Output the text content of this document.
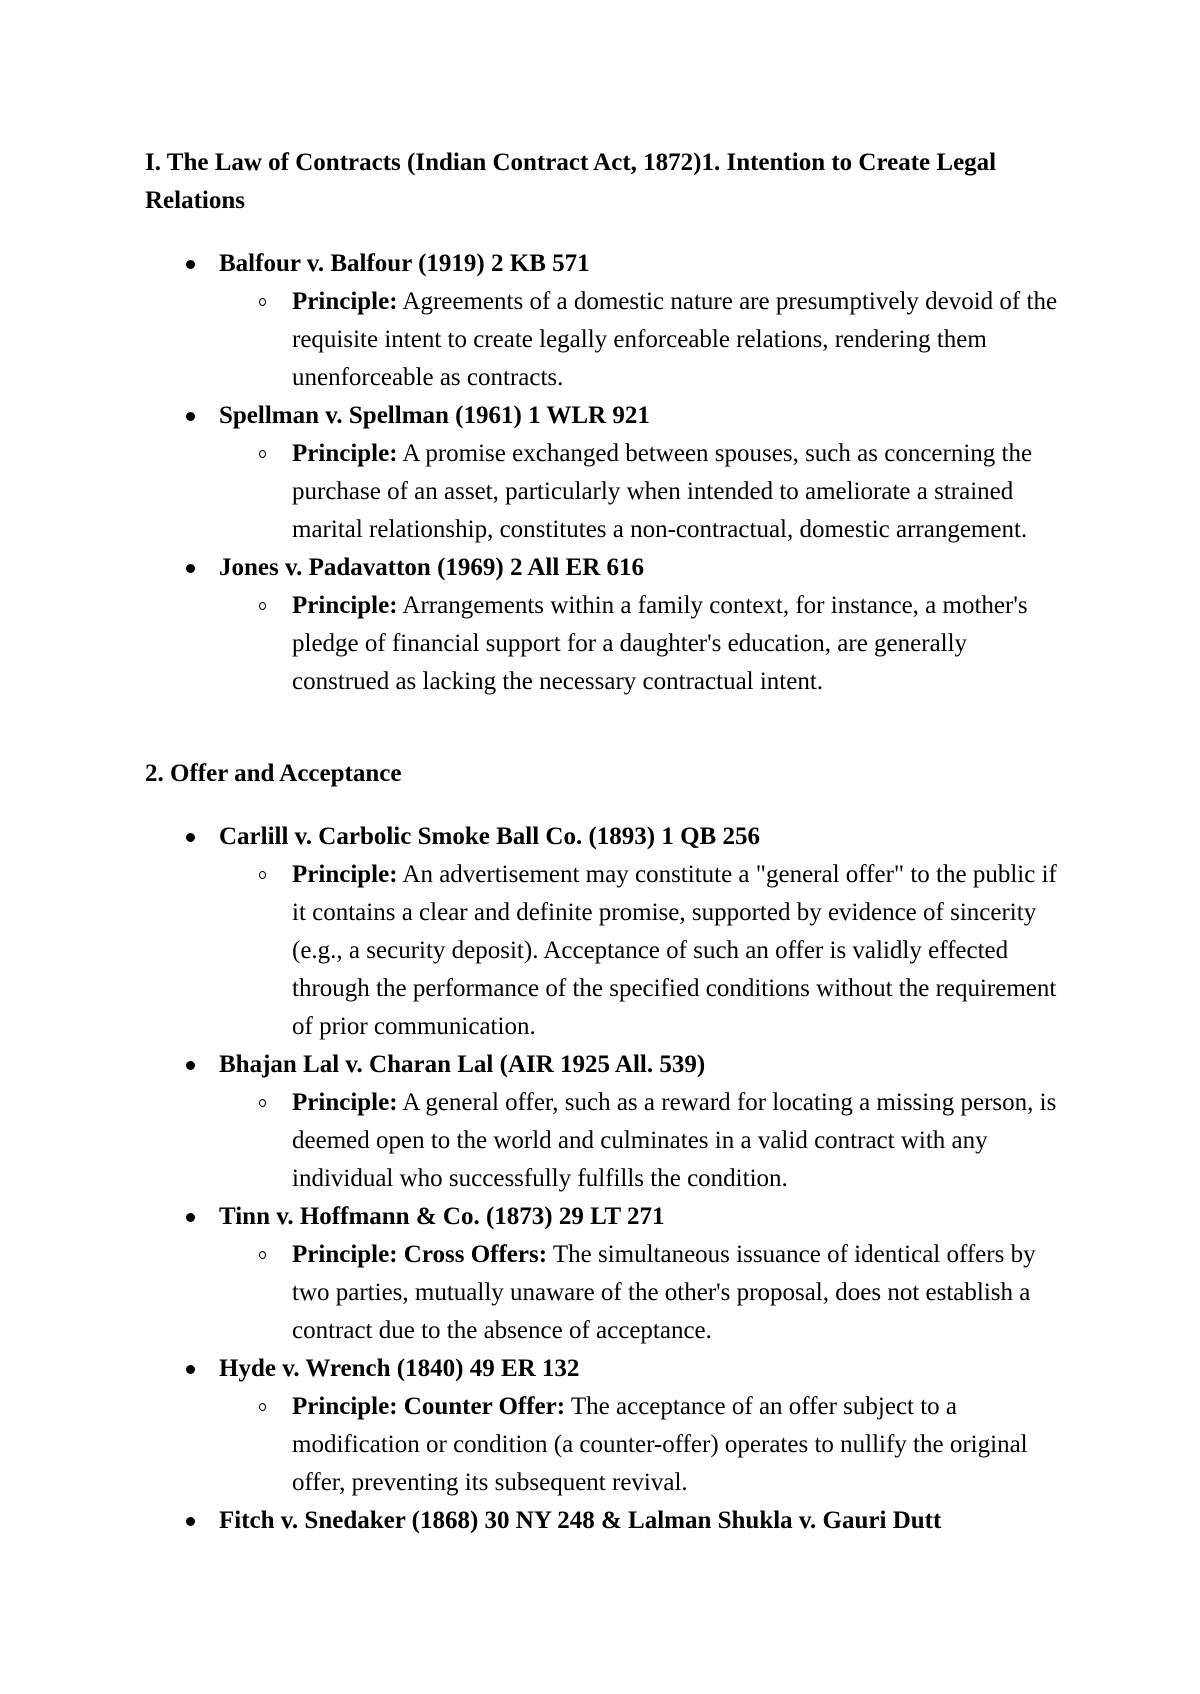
I. The Law of Contracts (Indian Contract Act, 1872)1. Intention to Create Legal Relations

Balfour v. Balfour (1919) 2 KB 571
Principle: Agreements of a domestic nature are presumptively devoid of the requisite intent to create legally enforceable relations, rendering them unenforceable as contracts.
Spellman v. Spellman (1961) 1 WLR 921
Principle: A promise exchanged between spouses, such as concerning the purchase of an asset, particularly when intended to ameliorate a strained marital relationship, constitutes a non-contractual, domestic arrangement.
Jones v. Padavatton (1969) 2 All ER 616
Principle: Arrangements within a family context, for instance, a mother's pledge of financial support for a daughter's education, are generally construed as lacking the necessary contractual intent.

2. Offer and Acceptance

Carlill v. Carbolic Smoke Ball Co. (1893) 1 QB 256
Principle: An advertisement may constitute a "general offer" to the public if it contains a clear and definite promise, supported by evidence of sincerity (e.g., a security deposit). Acceptance of such an offer is validly effected through the performance of the specified conditions without the requirement of prior communication.
Bhajan Lal v. Charan Lal (AIR 1925 All. 539)
Principle: A general offer, such as a reward for locating a missing person, is deemed open to the world and culminates in a valid contract with any individual who successfully fulfills the condition.
Tinn v. Hoffmann & Co. (1873) 29 LT 271
Principle: Cross Offers: The simultaneous issuance of identical offers by two parties, mutually unaware of the other's proposal, does not establish a contract due to the absence of acceptance.
Hyde v. Wrench (1840) 49 ER 132
Principle: Counter Offer: The acceptance of an offer subject to a modification or condition (a counter-offer) operates to nullify the original offer, preventing its subsequent revival.
Fitch v. Snedaker (1868) 30 NY 248 & Lalman Shukla v. Gauri Dutt
